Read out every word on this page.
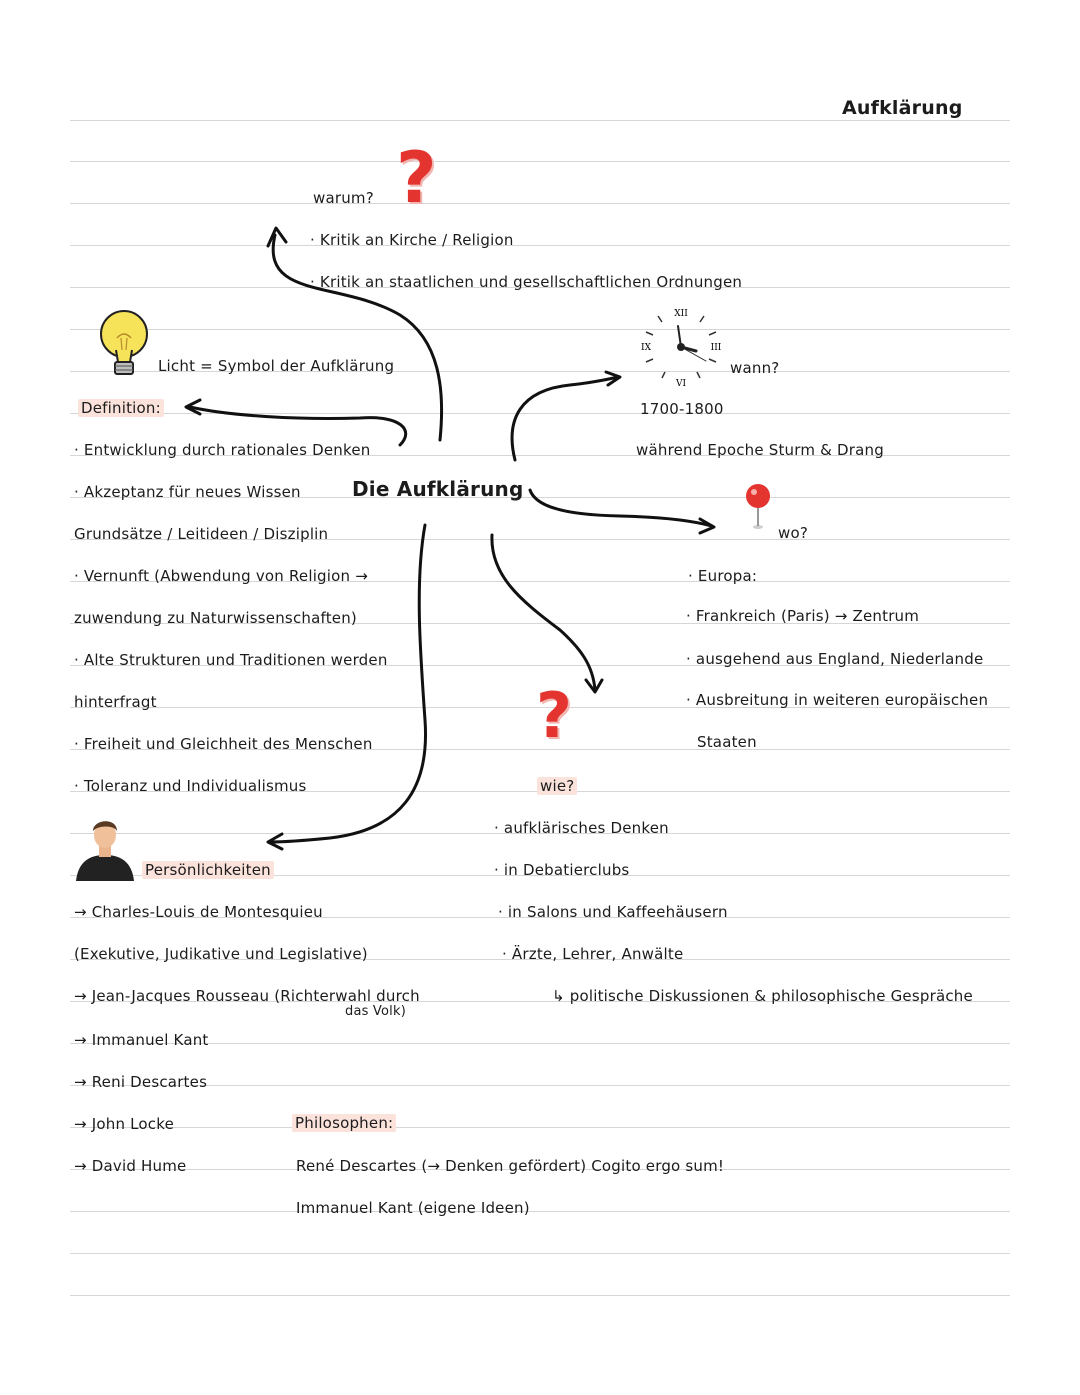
Aufklärung
warum? ?
· Kritik an Kirche / Religion
· Kritik an staatlichen und gesellschaftlichen Ordnungen
Licht = Symbol der Aufklärung
Definition:
· Entwicklung durch rationales Denken
· Akzeptanz für neues Wissen
Grundsätze / Leitideen / Disziplin
· Vernunft (Abwendung von Religion →
zuwendung zu Naturwissenschaften)
· Alte Strukturen und Traditionen werden
hinterfragt
· Freiheit und Gleichheit des Menschen
· Toleranz und Individualismus
Die Aufklärung
XII
III
VI
IX
wann?
1700-1800
während Epoche Sturm & Drang
wo?
· Europa:
· Frankreich (Paris) → Zentrum
· ausgehend aus England, Niederlande
· Ausbreitung in weiteren europäischen
Staaten
?
wie?
· aufklärisches Denken
· in Debatierclubs
· in Salons und Kaffeehäusern
· Ärzte, Lehrer, Anwälte
↳ politische Diskussionen & philosophische Gespräche
Persönlichkeiten
→ Charles-Louis de Montesquieu
(Exekutive, Judikative und Legislative)
→ Jean-Jacques Rousseau (Richterwahl durch
das Volk)
→ Immanuel Kant
→ Reni Descartes
→ John Locke
→ David Hume
Philosophen:
René Descartes (→ Denken gefördert) Cogito ergo sum!
Immanuel Kant (eigene Ideen)
